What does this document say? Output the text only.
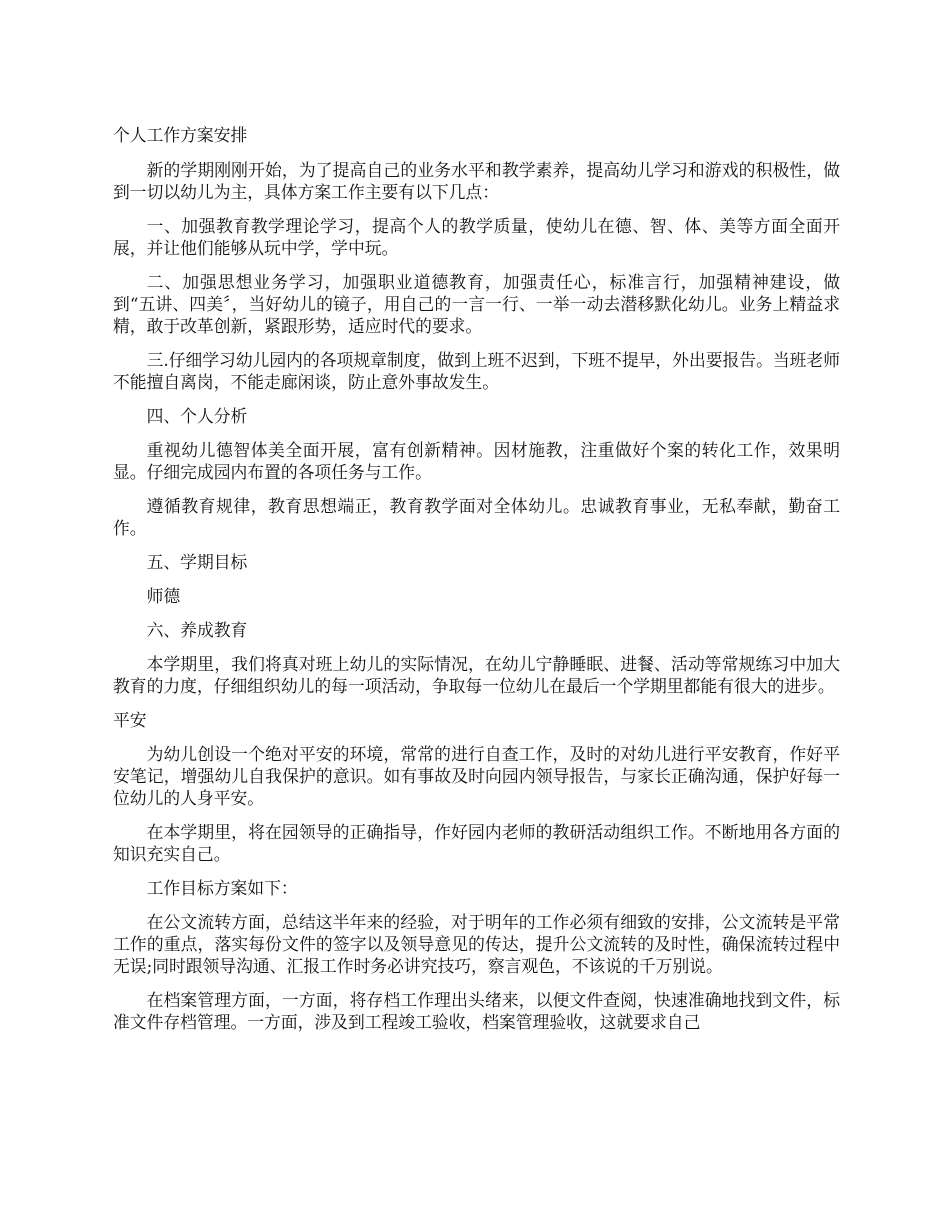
个人工作方案安排

新的学期刚刚开始，为了提高自己的业务水平和教学素养，提高幼儿学习和游戏的积极性，做到一切以幼儿为主，具体方案工作主要有以下几点：

一、加强教育教学理论学习，提高个人的教学质量，使幼儿在德、智、体、美等方面全面开展，并让他们能够从玩中学，学中玩。

二、加强思想业务学习，加强职业道德教育，加强责任心，标准言行，加强精神建设，做到“五讲、四美〞，当好幼儿的镜子，用自己的一言一行、一举一动去潜移默化幼儿。业务上精益求精，敢于改革创新，紧跟形势，适应时代的要求。

三.仔细学习幼儿园内的各项规章制度，做到上班不迟到，下班不提早，外出要报告。当班老师不能擅自离岗，不能走廊闲谈，防止意外事故发生。

四、个人分析

重视幼儿德智体美全面开展，富有创新精神。因材施教，注重做好个案的转化工作，效果明显。仔细完成园内布置的各项任务与工作。

遵循教育规律，教育思想端正，教育教学面对全体幼儿。忠诚教育事业，无私奉献，勤奋工作。

五、学期目标

师德

六、养成教育

本学期里，我们将真对班上幼儿的实际情况，在幼儿宁静睡眠、进餐、活动等常规练习中加大教育的力度，仔细组织幼儿的每一项活动，争取每一位幼儿在最后一个学期里都能有很大的进步。

平安

为幼儿创设一个绝对平安的环境，常常的进行自查工作，及时的对幼儿进行平安教育，作好平安笔记，增强幼儿自我保护的意识。如有事故及时向园内领导报告，与家长正确沟通，保护好每一位幼儿的人身平安。

在本学期里，将在园领导的正确指导，作好园内老师的教研活动组织工作。不断地用各方面的知识充实自己。

工作目标方案如下：

在公文流转方面，总结这半年来的经验，对于明年的工作必须有细致的安排，公文流转是平常工作的重点，落实每份文件的签字以及领导意见的传达，提升公文流转的及时性，确保流转过程中无误;同时跟领导沟通、汇报工作时务必讲究技巧，察言观色，不该说的千万别说。

在档案管理方面，一方面，将存档工作理出头绪来，以便文件查阅，快速准确地找到文件，标准文件存档管理。一方面，涉及到工程竣工验收，档案管理验收，这就要求自己
